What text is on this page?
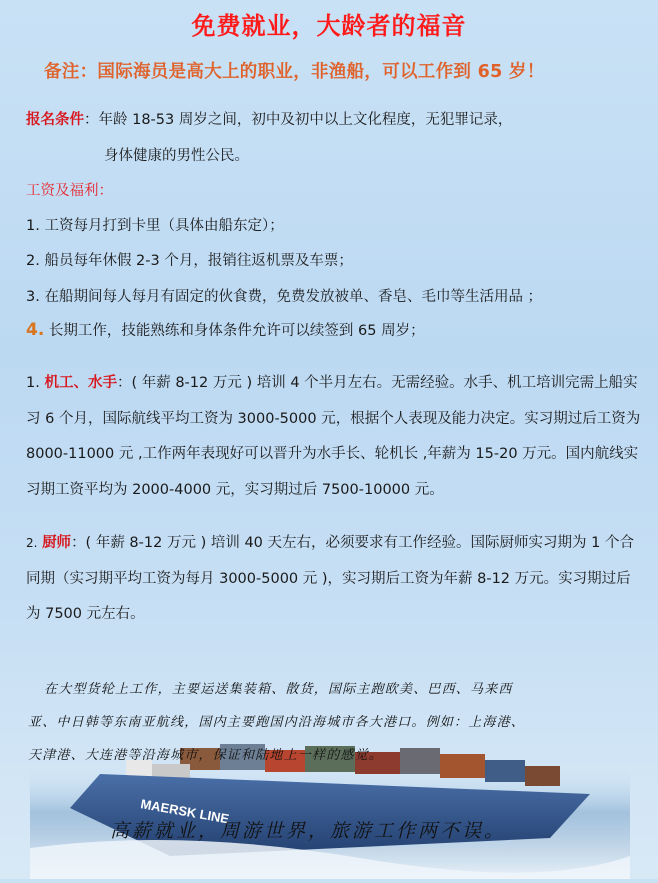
免费就业，大龄者的福音
备注：国际海员是高大上的职业，非渔船，可以工作到 65 岁！
报名条件：年龄 18-53 周岁之间，初中及初中以上文化程度，无犯罪记录，
身体健康的男性公民。
工资及福利：
1. 工资每月打到卡里（具体由船东定）；
2. 船员每年休假 2-3 个月，报销往返机票及车票；
3. 在船期间每人每月有固定的伙食费，免费发放被单、香皂、毛巾等生活用品 ；
4. 长期工作，技能熟练和身体条件允许可以续签到 65 周岁；
1. 机工、水手：( 年薪 8-12 万元 ) 培训 4 个半月左右。无需经验。水手、机工培训完需上船实习 6 个月，国际航线平均工资为 3000-5000 元，根据个人表现及能力决定。实习期过后工资为 8000-11000 元 ,工作两年表现好可以晋升为水手长、轮机长 ,年薪为 15-20 万元。国内航线实习期工资平均为 2000-4000 元，实习期过后 7500-10000 元。
2. 厨师：( 年薪 8-12 万元 ) 培训 40 天左右，必须要求有工作经验。国际厨师实习期为 1 个合同期（实习期平均工资为每月 3000-5000 元 )，实习期后工资为年薪 8-12 万元。实习期过后为 7500 元左右。
MAERSK LINE
在大型货轮上工作，主要运送集装箱、散货，国际主跑欧美、巴西、马来西
亚、中日韩等东南亚航线，国内主要跑国内沿海城市各大港口。例如：上海港、
天津港、大连港等沿海城市，保证和陆地上一样的感觉。
高薪就业，周游世界，旅游工作两不误。
